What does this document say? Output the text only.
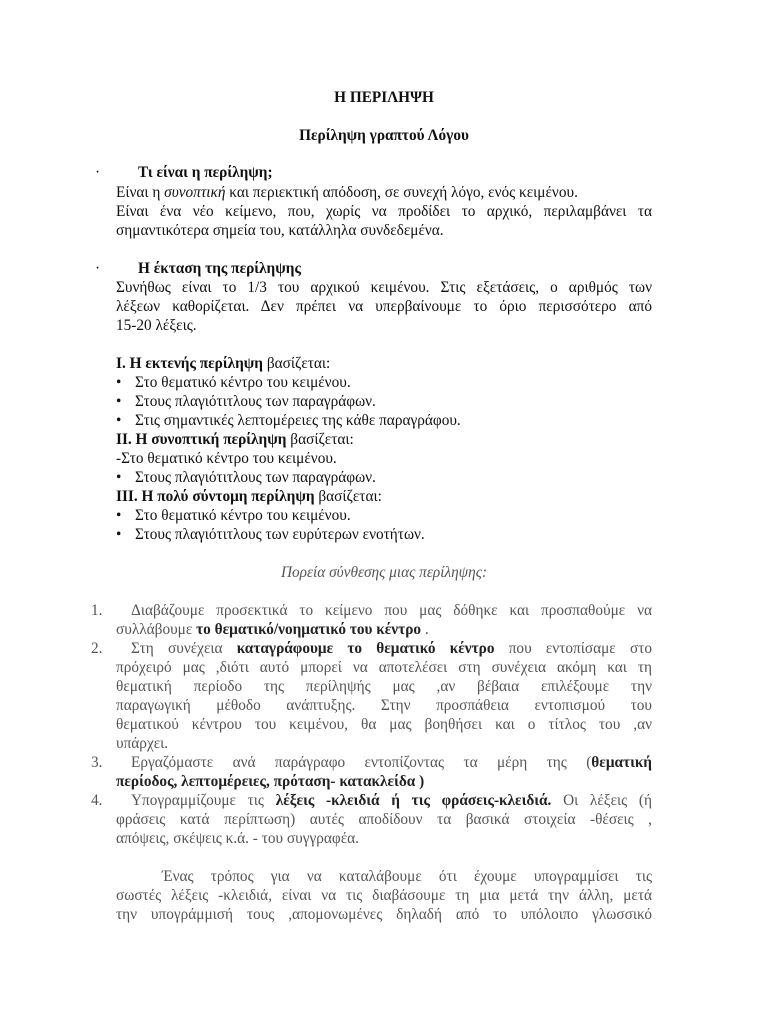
Η ΠΕΡΙΛΗΨΗ
Περίληψη γραπτού Λόγου
· Τι είναι η περίληψη;
Είναι η συνοπτική και περιεκτική απόδοση, σε συνεχή λόγο, ενός κειμένου.
Είναι ένα νέο κείμενο, που, χωρίς να προδίδει το αρχικό, περιλαμβάνει τα
σημαντικότερα σημεία του, κατάλληλα συνδεδεμένα.
· Η έκταση της περίληψης
Συνήθως είναι το 1/3 του αρχικού κειμένου. Στις εξετάσεις, ο αριθμός των
λέξεων καθορίζεται. Δεν πρέπει να υπερβαίνουμε το όριο περισσότερο από
15-20 λέξεις.
Ι. Η εκτενής περίληψη βασίζεται:
• Στο θεματικό κέντρο του κειμένου.
• Στους πλαγιότιτλους των παραγράφων.
• Στις σημαντικές λεπτομέρειες της κάθε παραγράφου.
ΙΙ. Η συνοπτική περίληψη βασίζεται:
-Στο θεματικό κέντρο του κειμένου.
• Στους πλαγιότιτλους των παραγράφων.
ΙΙΙ. Η πολύ σύντομη περίληψη βασίζεται:
• Στο θεματικό κέντρο του κειμένου.
• Στους πλαγιότιτλους των ευρύτερων ενοτήτων.
Πορεία σύνθεσης μιας περίληψης:
1.	Διαβάζουμε προσεκτικά το κείμενο που μας δόθηκε και προσπαθούμε να
συλλάβουμε το θεματικό/νοηματικό του κέντρο .
2.	Στη συνέχεια καταγράφουμε το θεματικό κέντρο που εντοπίσαμε στο
πρόχειρό μας ,διότι αυτό μπορεί να αποτελέσει στη συνέχεια ακόμη και τη
θεματική περίοδο της περίληψής μας ,αν βέβαια επιλέξουμε την
παραγωγική μέθοδο ανάπτυξης. Στην προσπάθεια εντοπισμού του
θεματικού κέντρου του κειμένου, θα μας βοηθήσει και ο τίτλος του ,αν
υπάρχει.
3.	Εργαζόμαστε ανά παράγραφο εντοπίζοντας τα μέρη της (θεματική
περίοδος, λεπτομέρειες, πρόταση- κατακλείδα )
4.	Υπογραμμίζουμε τις λέξεις -κλειδιά ή τις φράσεις-κλειδιά. Οι λέξεις (ή
φράσεις κατά περίπτωση) αυτές αποδίδουν τα βασικά στοιχεία -θέσεις ,
απόψεις, σκέψεις κ.ά. - του συγγραφέα.
Ένας τρόπος για να καταλάβουμε ότι έχουμε υπογραμμίσει τις
σωστές λέξεις -κλειδιά, είναι να τις διαβάσουμε τη μια μετά την άλλη, μετά
την υπογράμμισή τους ,απομονωμένες δηλαδή από το υπόλοιπο γλωσσικό
